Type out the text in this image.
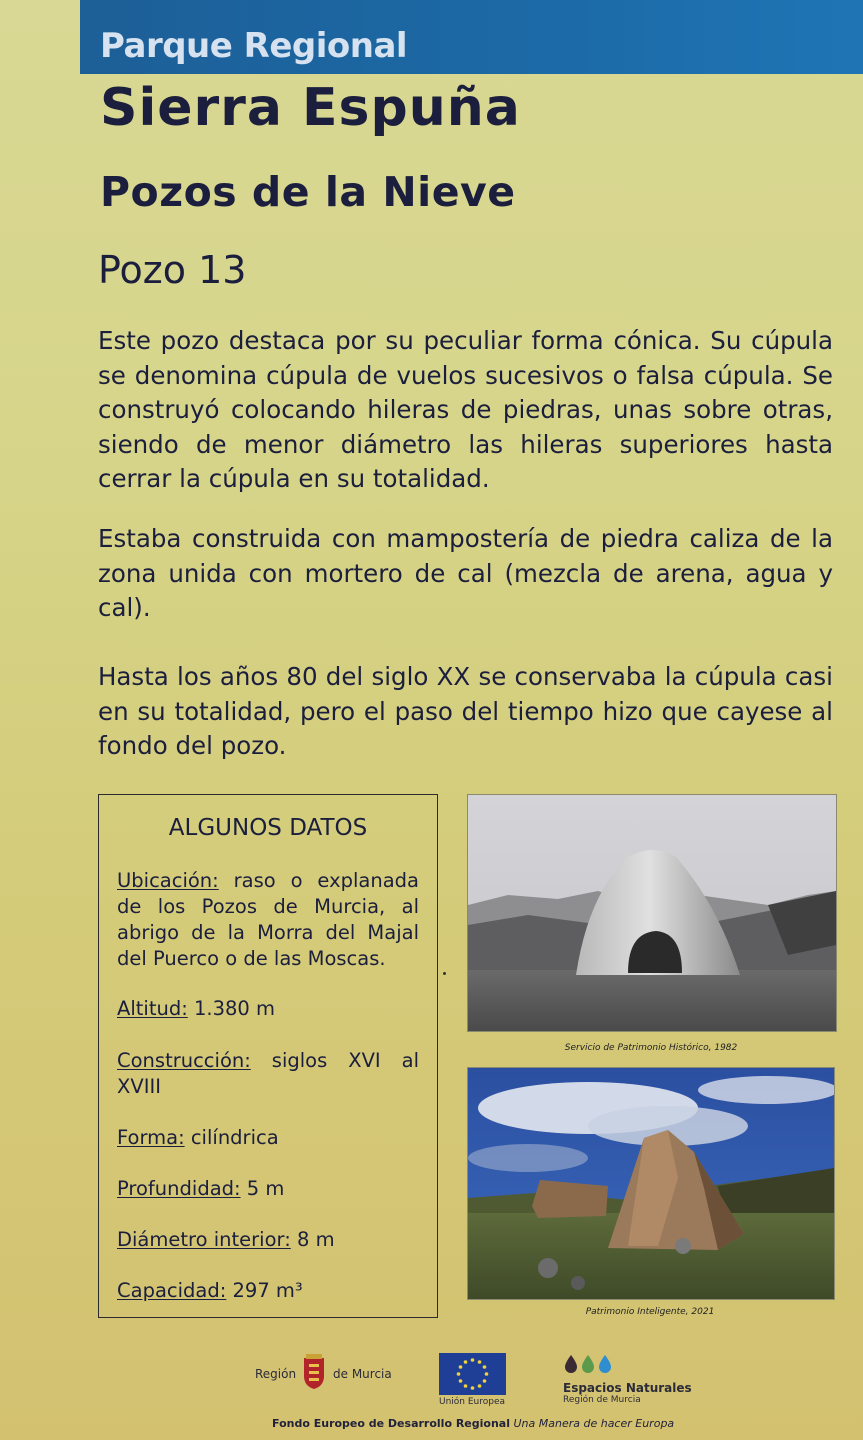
Parque Regional
Sierra Espuña
Pozos de la Nieve
Pozo 13
Este pozo destaca por su peculiar forma cónica. Su cúpula se denomina cúpula de vuelos sucesivos o falsa cúpula. Se construyó colocando hileras de piedras, unas sobre otras, siendo de menor diámetro las hileras superiores hasta cerrar la cúpula en su totalidad.
Estaba construida con mampostería de piedra caliza de la zona unida con mortero de cal (mezcla de arena, agua y cal).
Hasta los años 80 del siglo XX se conservaba la cúpula casi en su totalidad, pero el paso del tiempo hizo que cayese al fondo del pozo.
ALGUNOS DATOS
Ubicación: raso o explanada de los Pozos de Murcia, al abrigo de la Morra del Majal del Puerco o de las Moscas.
Altitud: 1.380 m
Construcción: siglos XVI al XVIII
Forma: cilíndrica
Profundidad: 5 m
Diámetro interior: 8 m
Capacidad: 297 m³
Servicio de Patrimonio Histórico, 1982
Patrimonio Inteligente, 2021
Región	de Murcia
Unión Europea
Espacios Naturales
Región de Murcia
Fondo Europeo de Desarrollo Regional Una Manera de hacer Europa
